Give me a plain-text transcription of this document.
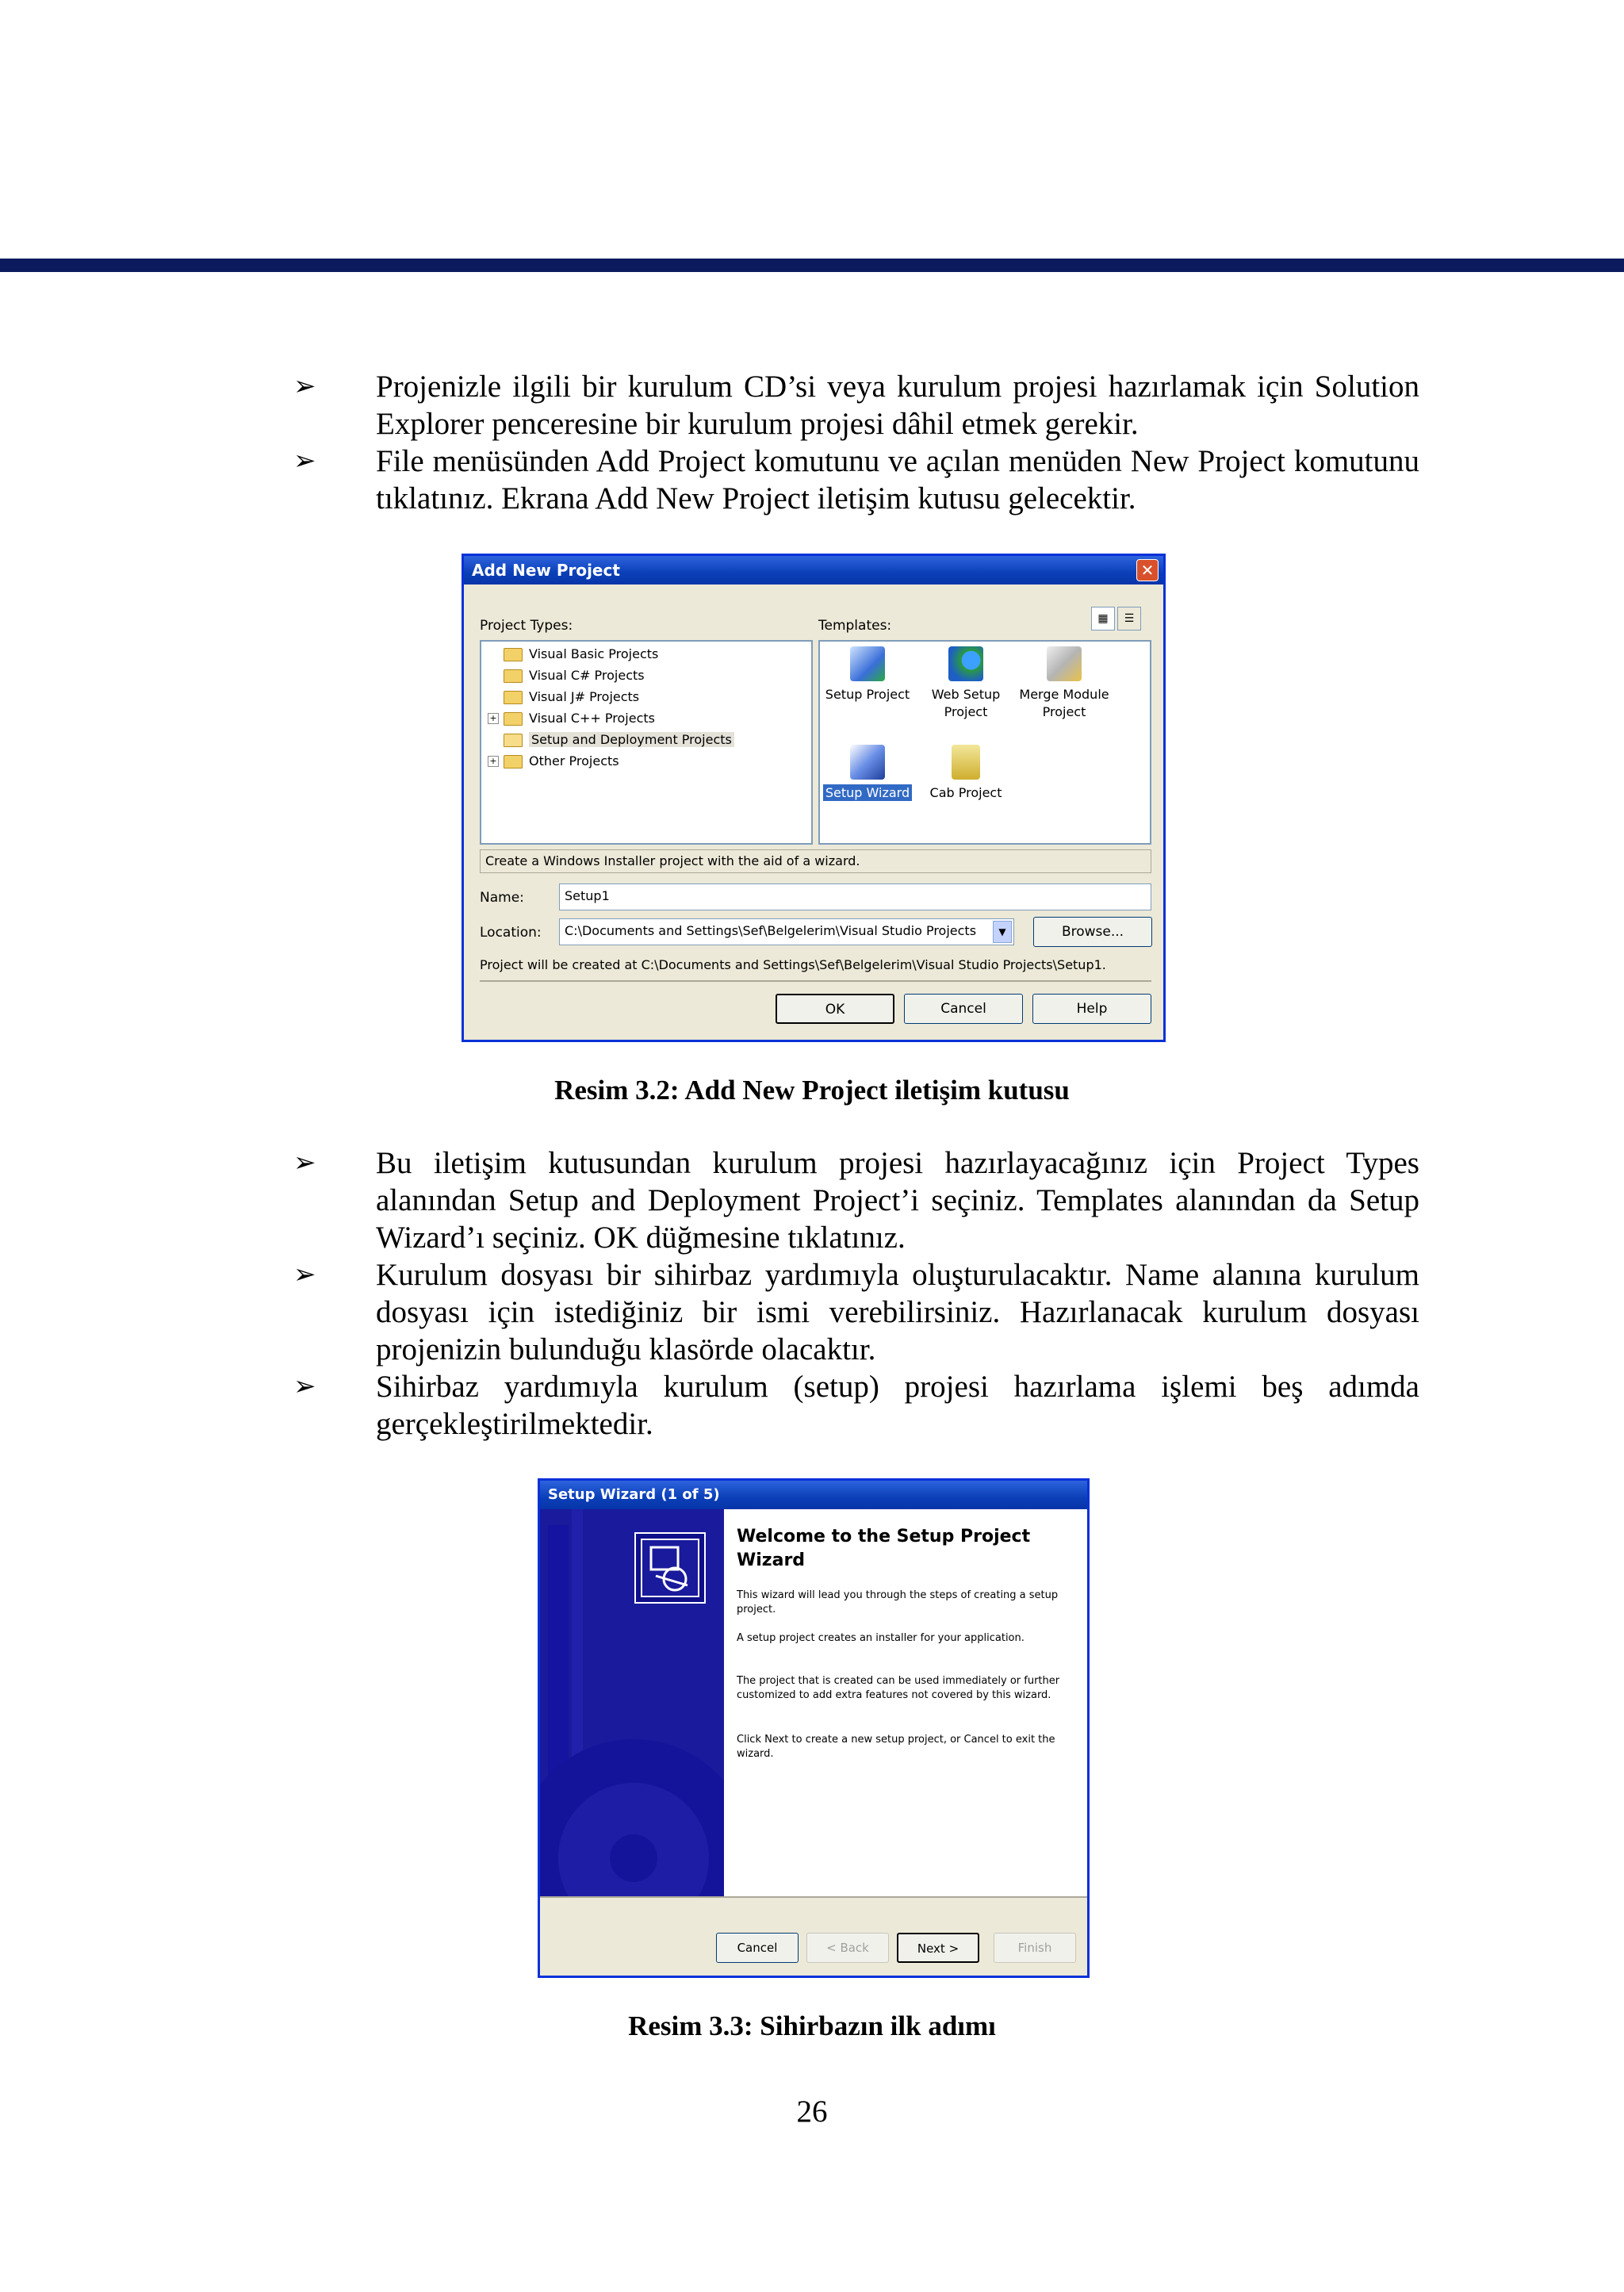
➢ Projenizle ilgili bir kurulum CD’si veya kurulum projesi hazırlamak için Solution Explorer penceresine bir kurulum projesi dâhil etmek gerekir.
➢ File menüsünden Add Project komutunu ve açılan menüden New Project komutunu tıklatınız. Ekrana Add New Project iletişim kutusu gelecektir.
Add New Project	✕
Project Types:	Templates:	▦	☰
Visual Basic Projects
Visual C# Projects
Visual J# Projects
+	Visual C++ Projects
Setup and Deployment Projects
+	Other Projects
Setup Project	Web Setup Project
Merge Module Project
Setup Wizard	Cab Project
Create a Windows Installer project with the aid of a wizard.
Name:	Setup1
Location:	C:\Documents and Settings\Sef\Belgelerim\Visual Studio Projects	▼	Browse...
Project will be created at C:\Documents and Settings\Sef\Belgelerim\Visual Studio Projects\Setup1.
OK	Cancel	Help
Resim 3.2: Add New Project iletişim kutusu
➢ Bu iletişim kutusundan kurulum projesi hazırlayacağınız için Project Types alanından Setup and Deployment Project’i seçiniz. Templates alanından da Setup Wizard’ı seçiniz. OK düğmesine tıklatınız.
➢ Kurulum dosyası bir sihirbaz yardımıyla oluşturulacaktır. Name alanına kurulum dosyası için istediğiniz bir ismi verebilirsiniz. Hazırlanacak kurulum dosyası projenizin bulunduğu klasörde olacaktır.
➢ Sihirbaz yardımıyla kurulum (setup) projesi hazırlama işlemi beş adımda gerçekleştirilmektedir.
Setup Wizard (1 of 5)
Welcome to the Setup Project Wizard
This wizard will lead you through the steps of creating a setup project.
A setup project creates an installer for your application.
The project that is created can be used immediately or further customized to add extra features not covered by this wizard.
Click Next to create a new setup project, or Cancel to exit the wizard.
Cancel	< Back	Next >	Finish
Resim 3.3: Sihirbazın ilk adımı
26
